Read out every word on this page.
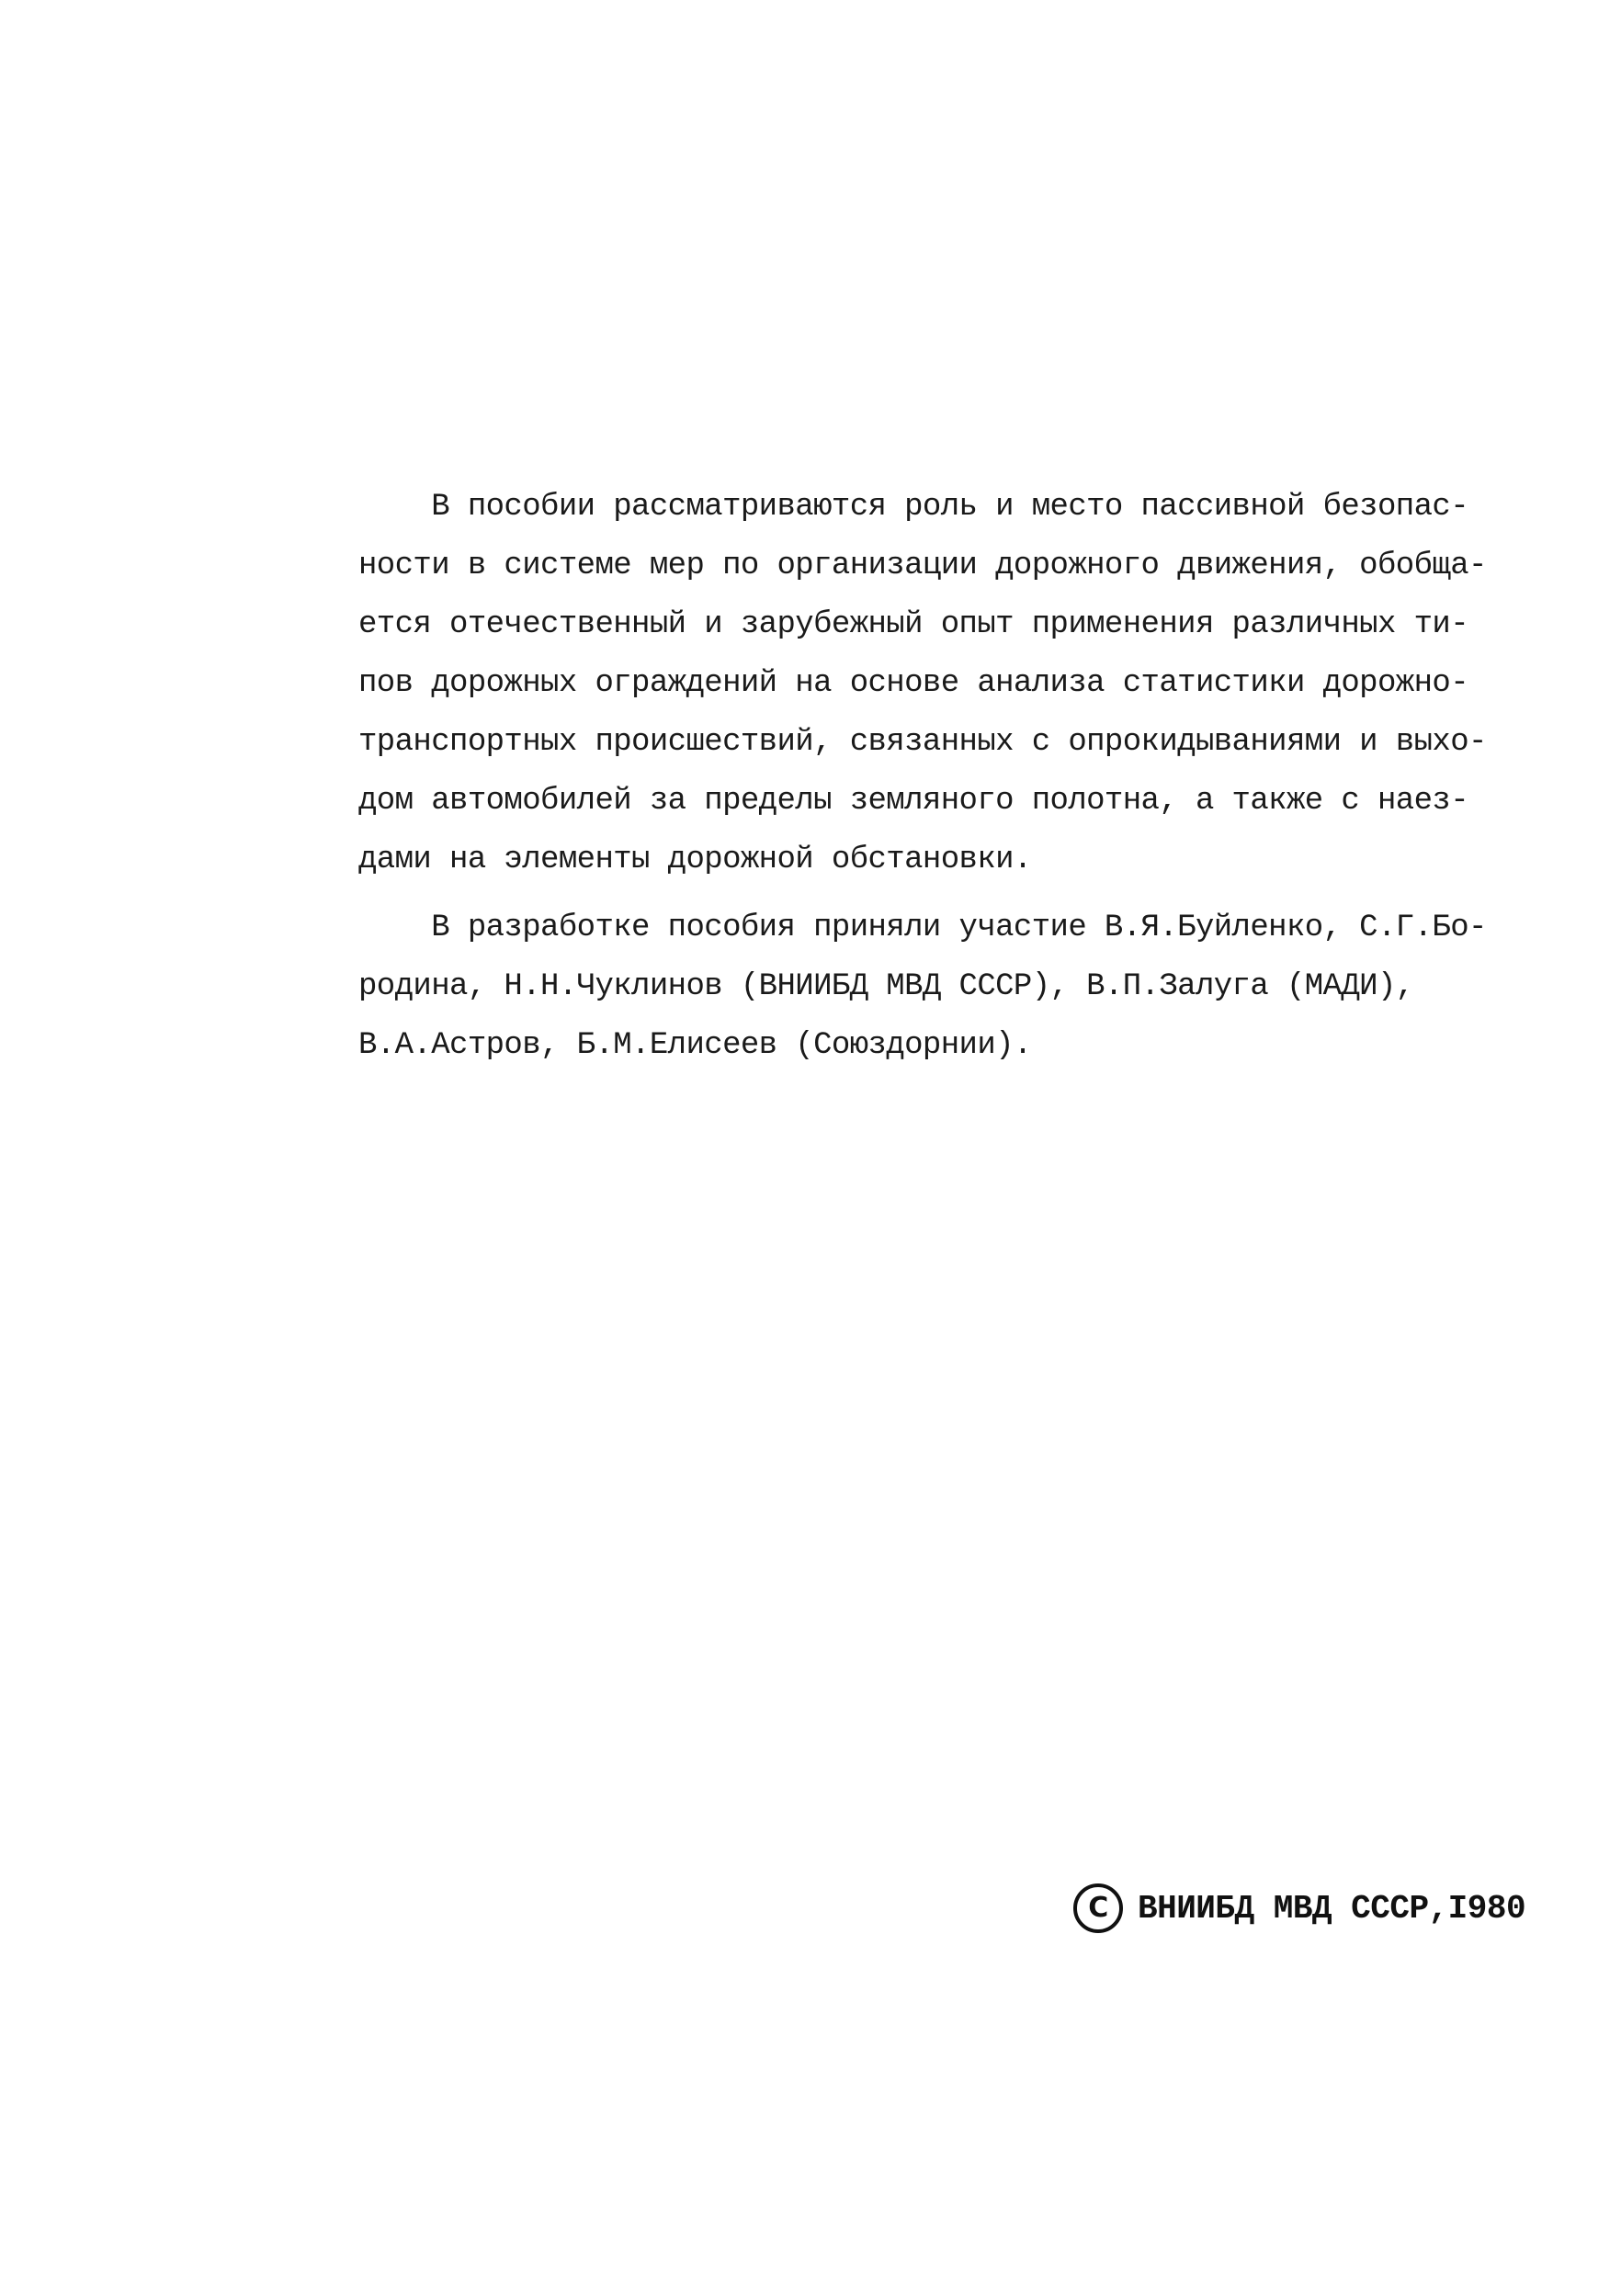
В пособии рассматриваются роль и место пассивной безопас-
ности в системе мер по организации дорожного движения, обобща-
ется отечественный и зарубежный опыт применения различных ти-
пов дорожных ограждений на основе анализа статистики дорожно-
транспортных происшествий, связанных с опрокидываниями и выхо-
дом автомобилей за пределы земляного полотна, а также с наез-
дами на элементы дорожной обстановки.
В разработке пособия приняли участие В.Я.Буйленко, С.Г.Бо-
родина, Н.Н.Чуклинов (ВНИИБД МВД СССР), В.П.Залуга (МАДИ),
В.А.Астров, Б.М.Елисеев (Союздорнии).
C ВНИИБД МВД СССР,I980
